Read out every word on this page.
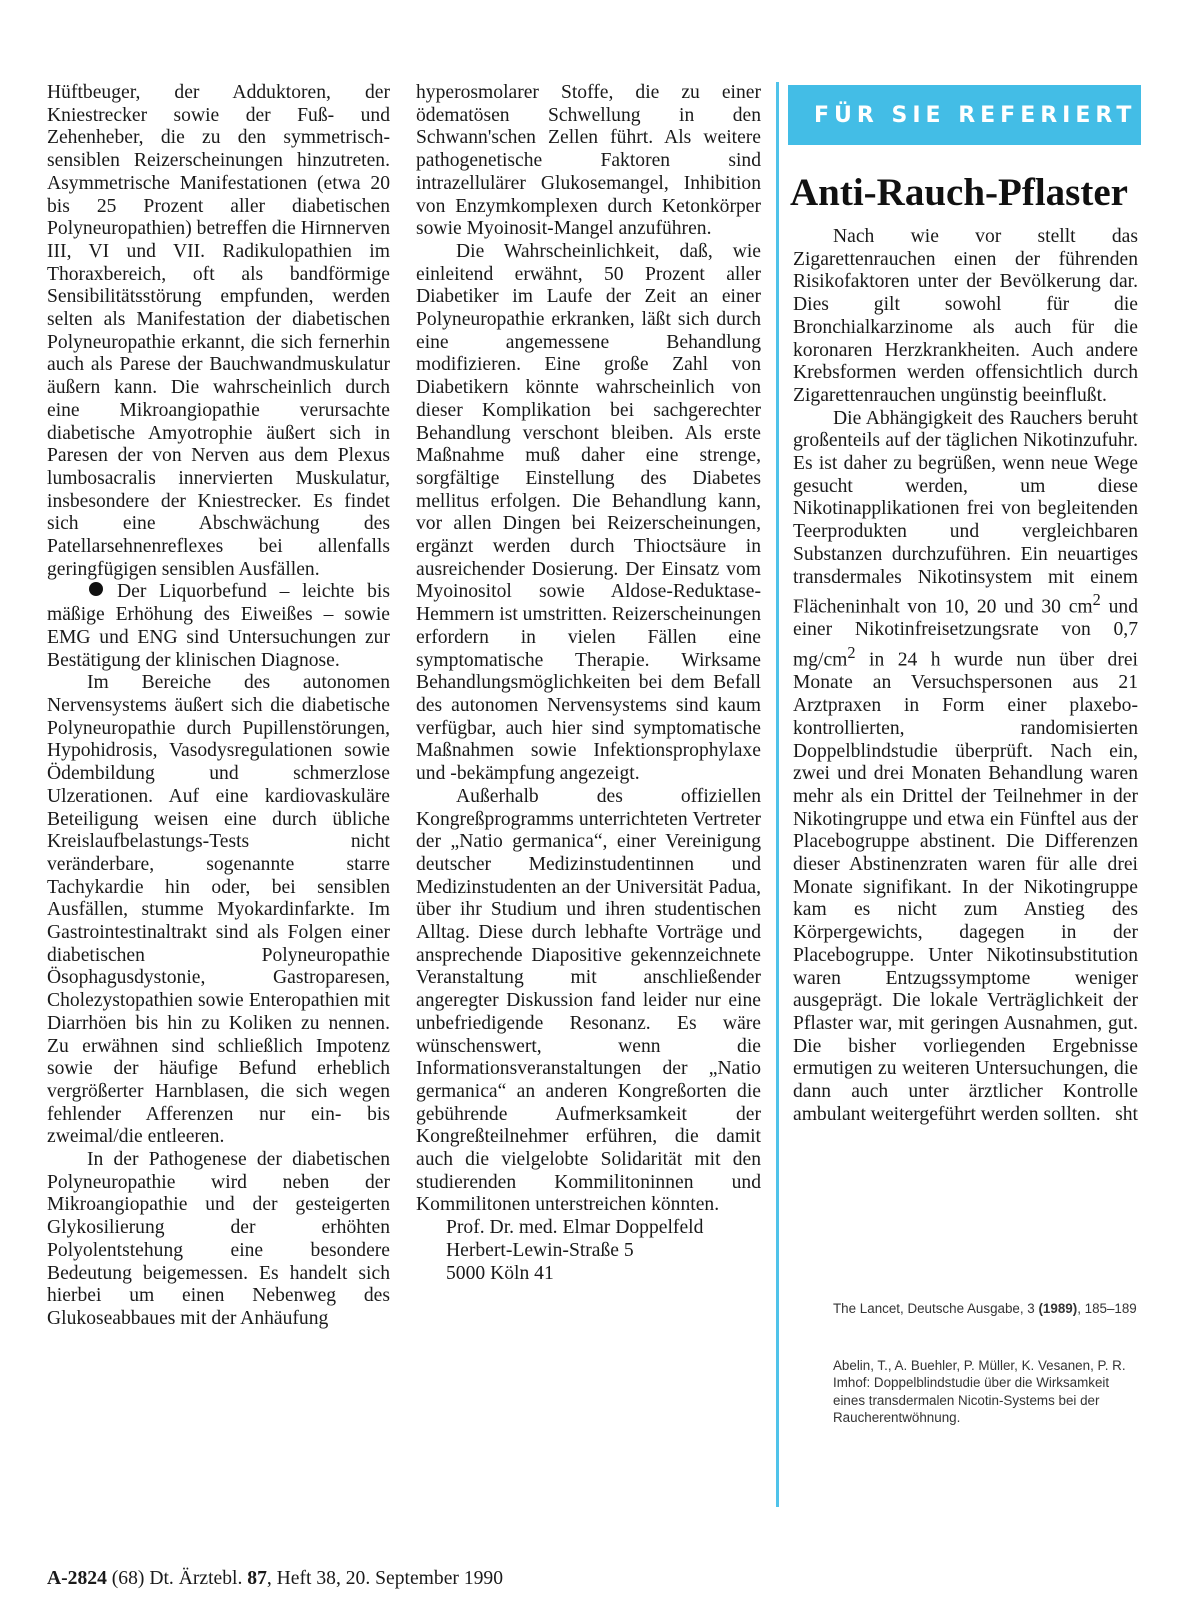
Hüftbeuger, der Adduktoren, der Kniestrecker sowie der Fuß- und Zehenheber, die zu den symmetrisch-sensiblen Reizerscheinungen hinzutreten. Asymmetrische Manifestationen (etwa 20 bis 25 Prozent aller diabetischen Polyneuropathien) betreffen die Hirnnerven III, VI und VII. Radikulopathien im Thoraxbereich, oft als bandförmige Sensibilitätsstörung empfunden, werden selten als Manifestation der diabetischen Polyneuropathie erkannt, die sich fernerhin auch als Parese der Bauchwandmuskulatur äußern kann. Die wahrscheinlich durch eine Mikroangiopathie verursachte diabetische Amyotrophie äußert sich in Paresen der von Nerven aus dem Plexus lumbosacralis innervierten Muskulatur, insbesondere der Kniestrecker. Es findet sich eine Abschwächung des Patellarsehnenreflexes bei allenfalls geringfügigen sensiblen Ausfällen.

Der Liquorbefund – leichte bis mäßige Erhöhung des Eiweißes – sowie EMG und ENG sind Untersuchungen zur Bestätigung der klinischen Diagnose.

Im Bereiche des autonomen Nervensystems äußert sich die diabetische Polyneuropathie durch Pupillenstörungen, Hypohidrosis, Vasodysregulationen sowie Ödembildung und schmerzlose Ulzerationen. Auf eine kardiovaskuläre Beteiligung weisen eine durch übliche Kreislaufbelastungs-Tests nicht veränderbare, sogenannte starre Tachykardie hin oder, bei sensiblen Ausfällen, stumme Myokardinfarkte. Im Gastrointestinaltrakt sind als Folgen einer diabetischen Polyneuropathie Ösophagusdystonie, Gastroparesen, Cholezystopathien sowie Enteropathien mit Diarrhöen bis hin zu Koliken zu nennen. Zu erwähnen sind schließlich Impotenz sowie der häufige Befund erheblich vergrößerter Harnblasen, die sich wegen fehlender Afferenzen nur ein- bis zweimal/die entleeren.

In der Pathogenese der diabetischen Polyneuropathie wird neben der Mikroangiopathie und der gesteigerten Glykosilierung der erhöhten Polyolentstehung eine besondere Bedeutung beigemessen. Es handelt sich hierbei um einen Nebenweg des Glukoseabbaues mit der Anhäufung

hyperosmolarer Stoffe, die zu einer ödematösen Schwellung in den Schwann'schen Zellen führt. Als weitere pathogenetische Faktoren sind intrazellulärer Glukosemangel, Inhibition von Enzymkomplexen durch Ketonkörper sowie Myoinosit-Mangel anzuführen.

Die Wahrscheinlichkeit, daß, wie einleitend erwähnt, 50 Prozent aller Diabetiker im Laufe der Zeit an einer Polyneuropathie erkranken, läßt sich durch eine angemessene Behandlung modifizieren. Eine große Zahl von Diabetikern könnte wahrscheinlich von dieser Komplikation bei sachgerechter Behandlung verschont bleiben. Als erste Maßnahme muß daher eine strenge, sorgfältige Einstellung des Diabetes mellitus erfolgen. Die Behandlung kann, vor allen Dingen bei Reizerscheinungen, ergänzt werden durch Thioctsäure in ausreichender Dosierung. Der Einsatz vom Myoinositol sowie Aldose-Reduktase-Hemmern ist umstritten. Reizerscheinungen erfordern in vielen Fällen eine symptomatische Therapie. Wirksame Behandlungsmöglichkeiten bei dem Befall des autonomen Nervensystems sind kaum verfügbar, auch hier sind symptomatische Maßnahmen sowie Infektionsprophylaxe und -bekämpfung angezeigt.

Außerhalb des offiziellen Kongreßprogramms unterrichteten Vertreter der „Natio germanica“, einer Vereinigung deutscher Medizinstudentinnen und Medizinstudenten an der Universität Padua, über ihr Studium und ihren studentischen Alltag. Diese durch lebhafte Vorträge und ansprechende Diapositive gekennzeichnete Veranstaltung mit anschließender angeregter Diskussion fand leider nur eine unbefriedigende Resonanz. Es wäre wünschenswert, wenn die Informationsveranstaltungen der „Natio germanica“ an anderen Kongreßorten die gebührende Aufmerksamkeit der Kongreßteilnehmer erführen, die damit auch die vielgelobte Solidarität mit den studierenden Kommilitoninnen und Kommilitonen unterstreichen könnten.

Prof. Dr. med. Elmar Doppelfeld

Herbert-Lewin-Straße 5

5000 Köln 41

FÜR SIE REFERIERT
Anti-Rauch-Pflaster

Nach wie vor stellt das Zigarettenrauchen einen der führenden Risikofaktoren unter der Bevölkerung dar. Dies gilt sowohl für die Bronchialkarzinome als auch für die koronaren Herzkrankheiten. Auch andere Krebsformen werden offensichtlich durch Zigarettenrauchen ungünstig beeinflußt.

Die Abhängigkeit des Rauchers beruht großenteils auf der täglichen Nikotinzufuhr. Es ist daher zu begrüßen, wenn neue Wege gesucht werden, um diese Nikotinapplikationen frei von begleitenden Teerprodukten und vergleichbaren Substanzen durchzuführen. Ein neuartiges transdermales Nikotinsystem mit einem Flächeninhalt von 10, 20 und 30 $cm^2$ und einer Nikotinfreisetzungsrate von 0,7 $mg/cm^2$ in 24 h wurde nun über drei Monate an Versuchspersonen aus 21 Arztpraxen in Form einer plaxebo-kontrollierten, randomisierten Doppelblindstudie überprüft. Nach ein, zwei und drei Monaten Behandlung waren mehr als ein Drittel der Teilnehmer in der Nikotingruppe und etwa ein Fünftel aus der Placebogruppe abstinent. Die Differenzen dieser Abstinenzraten waren für alle drei Monate signifikant. In der Nikotingruppe kam es nicht zum Anstieg des Körpergewichts, dagegen in der Placebogruppe. Unter Nikotinsubstitution waren Entzugssymptome weniger ausgeprägt. Die lokale Verträglichkeit der Pflaster war, mit geringen Ausnahmen, gut. Die bisher vorliegenden Ergebnisse ermutigen zu weiteren Untersuchungen, die dann auch unter ärztlicher Kontrolle ambulant weitergeführt werden sollten. sht

The Lancet, Deutsche Ausgabe, 3 (1989), 185–189

Abelin, T., A. Buehler, P. Müller, K. Vesanen, P. R. Imhof: Doppelblindstudie über die Wirksamkeit eines transdermalen Nicotin-Systems bei der Raucherentwöhnung.

A-2824 (68) Dt. Ärztebl. 87, Heft 38, 20. September 1990
